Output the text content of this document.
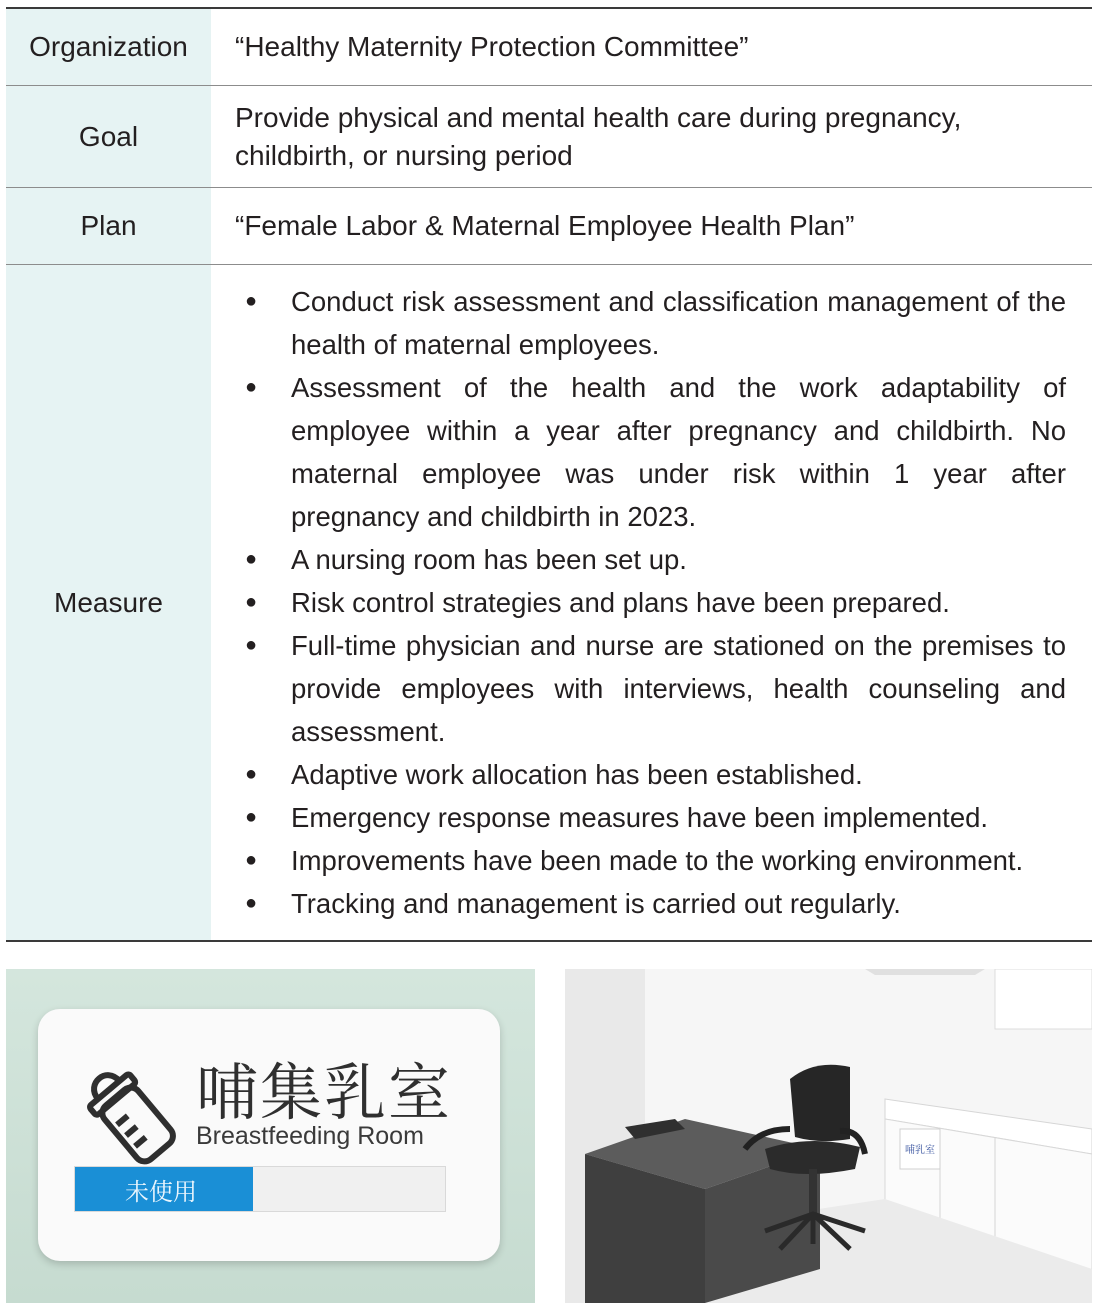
Organization	“Healthy Maternity Protection Committee”
Goal
Provide physical and mental health care during pregnancy,
childbirth, or nursing period
Plan	“Female Labor & Maternal Employee Health Plan”
Measure
● Conduct risk assessment and classification management of the health of maternal employees.
● Assessment of the health and the work adaptability of employee within a year after pregnancy and childbirth. No maternal employee was under risk within 1 year after pregnancy and childbirth in 2023.
● A nursing room has been set up.
● Risk control strategies and plans have been prepared.
● Full-time physician and nurse are stationed on the premises to provide employees with interviews, health counseling and assessment.
● Adaptive work allocation has been established.
● Emergency response measures have been implemented.
● Improvements have been made to the working environment.
● Tracking and management is carried out regularly.
哺集乳室
Breastfeeding Room
未使用
哺乳室
